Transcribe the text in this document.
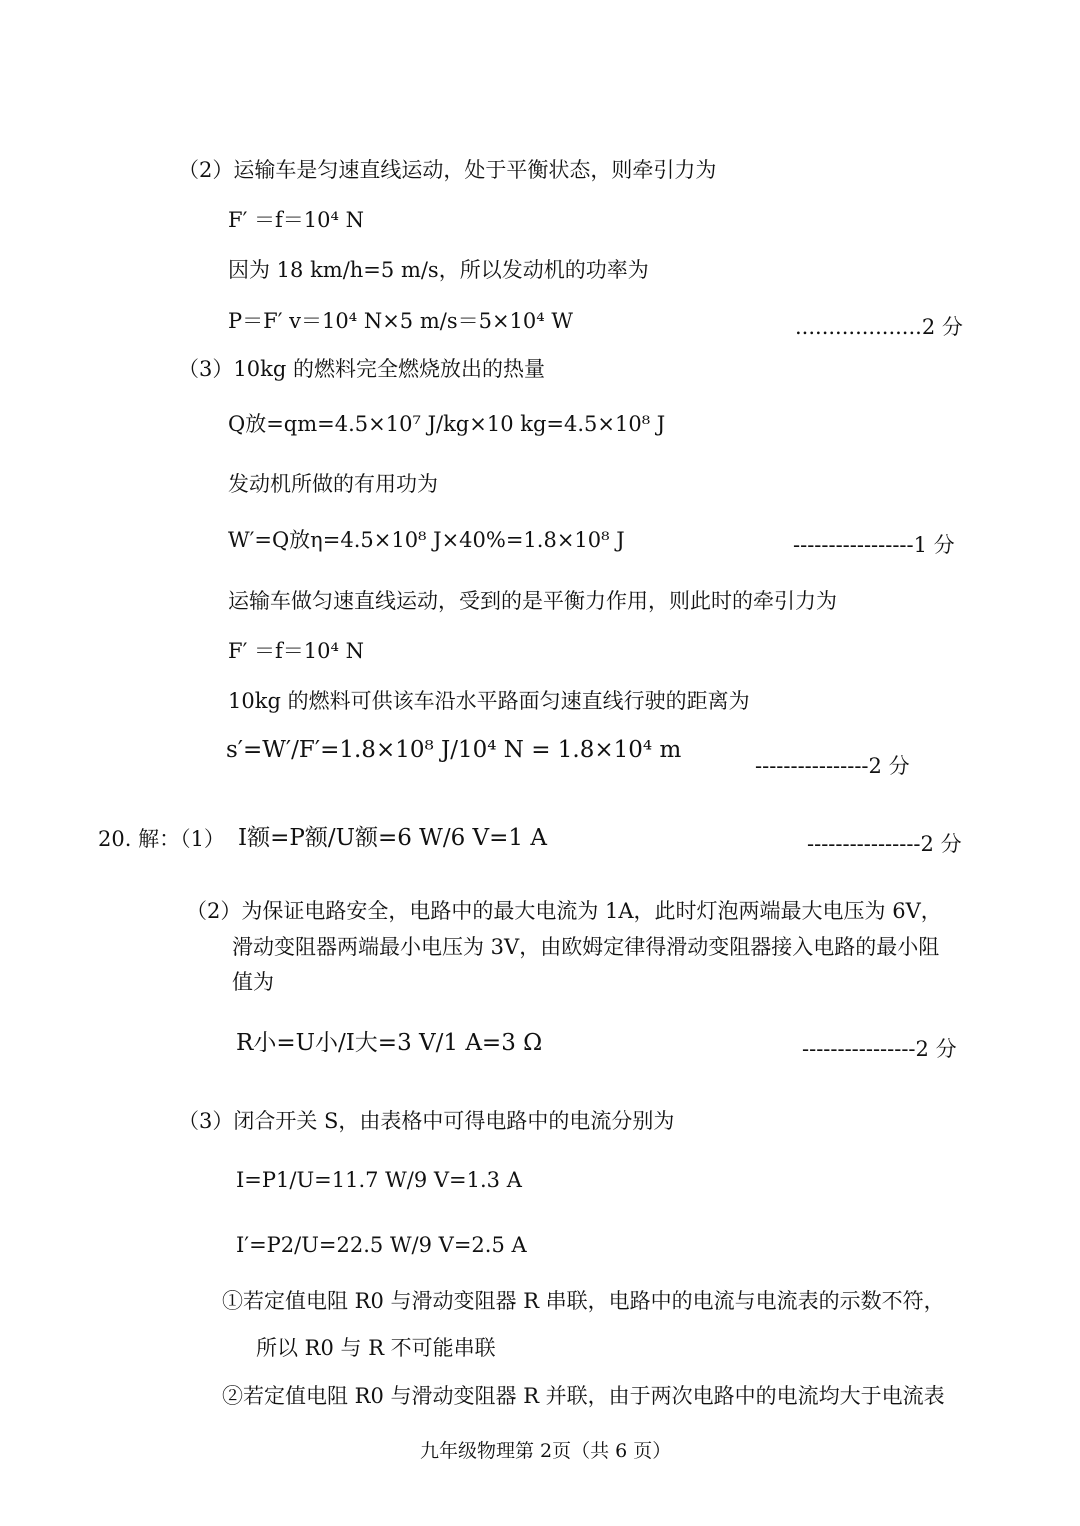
（2）运输车是匀速直线运动，处于平衡状态，则牵引力为
F′ ＝f＝10⁴ N
因为 18 km/h=5 m/s，所以发动机的功率为
P＝F′ v＝10⁴ N×5 m/s＝5×10⁴ W	...................2 分
（3）10kg 的燃料完全燃烧放出的热量
Q放=qm=4.5×10⁷ J/kg×10 kg=4.5×10⁸ J
发动机所做的有用功为
W′=Q放η=4.5×10⁸ J×40%=1.8×10⁸ J	-----------------1 分
运输车做匀速直线运动，受到的是平衡力作用，则此时的牵引力为
F′ ＝f＝10⁴ N
10kg 的燃料可供该车沿水平路面匀速直线行驶的距离为
s′=W′/F′=1.8×10⁸ J/10⁴ N = 1.8×10⁴ m
----------------2 分
20. 解：（1） I额=P额/U额=6 W/6 V=1 A	----------------2 分
（2）为保证电路安全，电路中的最大电流为 1A，此时灯泡两端最大电压为 6V，
滑动变阻器两端最小电压为 3V，由欧姆定律得滑动变阻器接入电路的最小阻
值为
R小=U小/I大=3 V/1 A=3 Ω	----------------2 分
（3）闭合开关 S，由表格中可得电路中的电流分别为
I=P1/U=11.7 W/9 V=1.3 A
I′=P2/U=22.5 W/9 V=2.5 A
①若定值电阻 R0 与滑动变阻器 R 串联，电路中的电流与电流表的示数不符，
所以 R0 与 R 不可能串联
②若定值电阻 R0 与滑动变阻器 R 并联，由于两次电路中的电流均大于电流表
九年级物理第 2页（共 6 页）
